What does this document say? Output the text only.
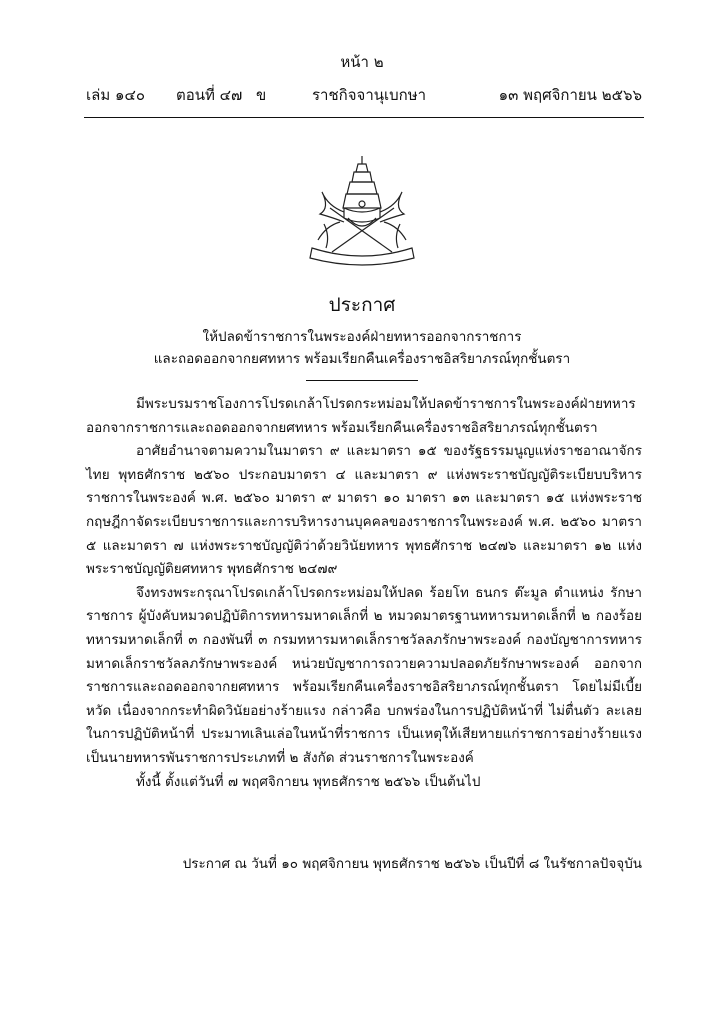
หน้า ๒
เล่ม ๑๔๐ ตอนที่ ๔๗ ข	ราชกิจจานุเบกษา	๑๓ พฤศจิกายน ๒๕๖๖
ประกาศ
ให้ปลดข้าราชการในพระองค์ฝ่ายทหารออกจากราชการ
และถอดออกจากยศทหาร พร้อมเรียกคืนเครื่องราชอิสริยาภรณ์ทุกชั้นตรา

มีพระบรมราชโองการโปรดเกล้าโปรดกระหม่อมให้ปลดข้าราชการในพระองค์ฝ่ายทหารออกจากราชการและถอดออกจากยศทหาร พร้อมเรียกคืนเครื่องราชอิสริยาภรณ์ทุกชั้นตรา

อาศัยอำนาจตามความในมาตรา ๙ และมาตรา ๑๕ ของรัฐธรรมนูญแห่งราชอาณาจักรไทย พุทธศักราช ๒๕๖๐ ประกอบมาตรา ๔ และมาตรา ๙ แห่งพระราชบัญญัติระเบียบบริหารราชการในพระองค์ พ.ศ. ๒๕๖๐ มาตรา ๙ มาตรา ๑๐ มาตรา ๑๓ และมาตรา ๑๕ แห่งพระราชกฤษฎีกาจัดระเบียบราชการและการบริหารงานบุคคลของราชการในพระองค์ พ.ศ. ๒๕๖๐ มาตรา ๕ และมาตรา ๗ แห่งพระราชบัญญัติว่าด้วยวินัยทหาร พุทธศักราช ๒๔๗๖ และมาตรา ๑๒ แห่งพระราชบัญญัติยศทหาร พุทธศักราช ๒๔๗๙

จึงทรงพระกรุณาโปรดเกล้าโปรดกระหม่อมให้ปลด ร้อยโท ธนกร ต๊ะมูล ตำแหน่ง รักษาราชการ ผู้บังคับหมวดปฏิบัติการทหารมหาดเล็กที่ ๒ หมวดมาตรฐานทหารมหาดเล็กที่ ๒ กองร้อยทหารมหาดเล็กที่ ๓ กองพันที่ ๓ กรมทหารมหาดเล็กราชวัลลภรักษาพระองค์ กองบัญชาการทหารมหาดเล็กราชวัลลภรักษาพระองค์ หน่วยบัญชาการถวายความปลอดภัยรักษาพระองค์ ออกจากราชการและถอดออกจากยศทหาร พร้อมเรียกคืนเครื่องราชอิสริยาภรณ์ทุกชั้นตรา โดยไม่มีเบี้ยหวัด เนื่องจากกระทำผิดวินัยอย่างร้ายแรง กล่าวคือ บกพร่องในการปฏิบัติหน้าที่ ไม่ตื่นตัว ละเลยในการปฏิบัติหน้าที่ ประมาทเลินเล่อในหน้าที่ราชการ เป็นเหตุให้เสียหายแก่ราชการอย่างร้ายแรง เป็นนายทหารพันราชการประเภทที่ ๒ สังกัด ส่วนราชการในพระองค์

ทั้งนี้ ตั้งแต่วันที่ ๗ พฤศจิกายน พุทธศักราช ๒๕๖๖ เป็นต้นไป

ประกาศ ณ วันที่ ๑๐ พฤศจิกายน พุทธศักราช ๒๕๖๖ เป็นปีที่ ๘ ในรัชกาลปัจจุบัน
